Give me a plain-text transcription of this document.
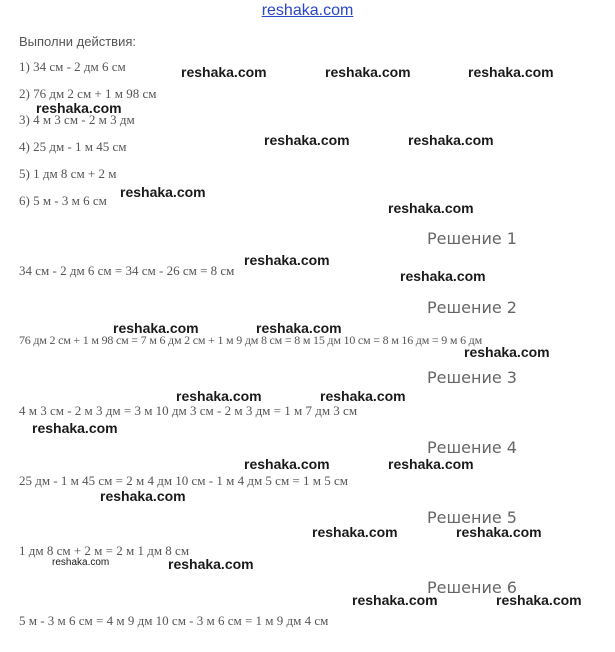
reshaka.com
Выполни действия:
1) 34 см - 2 дм 6 см
2) 76 дм 2 см + 1 м 98 см
3) 4 м 3 см - 2 м 3 дм
4) 25 дм - 1 м 45 см
5) 1 дм 8 см + 2 м
6) 5 м - 3 м 6 см
Решение 1
34 см - 2 дм 6 см = 34 см - 26 см = 8 см
Решение 2
76 дм 2 см + 1 м 98 см = 7 м 6 дм 2 см + 1 м 9 дм 8 см = 8 м 15 дм 10 см = 8 м 16 дм = 9 м 6 дм
Решение 3
4 м 3 см - 2 м 3 дм = 3 м 10 дм 3 см - 2 м 3 дм = 1 м 7 дм 3 см
Решение 4
25 дм - 1 м 45 см = 2 м 4 дм 10 см - 1 м 4 дм 5 см = 1 м 5 см
Решение 5
1 дм 8 см + 2 м = 2 м 1 дм 8 см
Решение 6
5 м - 3 м 6 см = 4 м 9 дм 10 см - 3 м 6 см = 1 м 9 дм 4 см
reshaka.com	reshaka.com	reshaka.com
reshaka.com
reshaka.com	reshaka.com
reshaka.com
reshaka.com
reshaka.com
reshaka.com
reshaka.com	reshaka.com
reshaka.com
reshaka.com	reshaka.com
reshaka.com
reshaka.com	reshaka.com
reshaka.com
reshaka.com	reshaka.com
reshaka.com	reshaka.com
reshaka.com	reshaka.com
